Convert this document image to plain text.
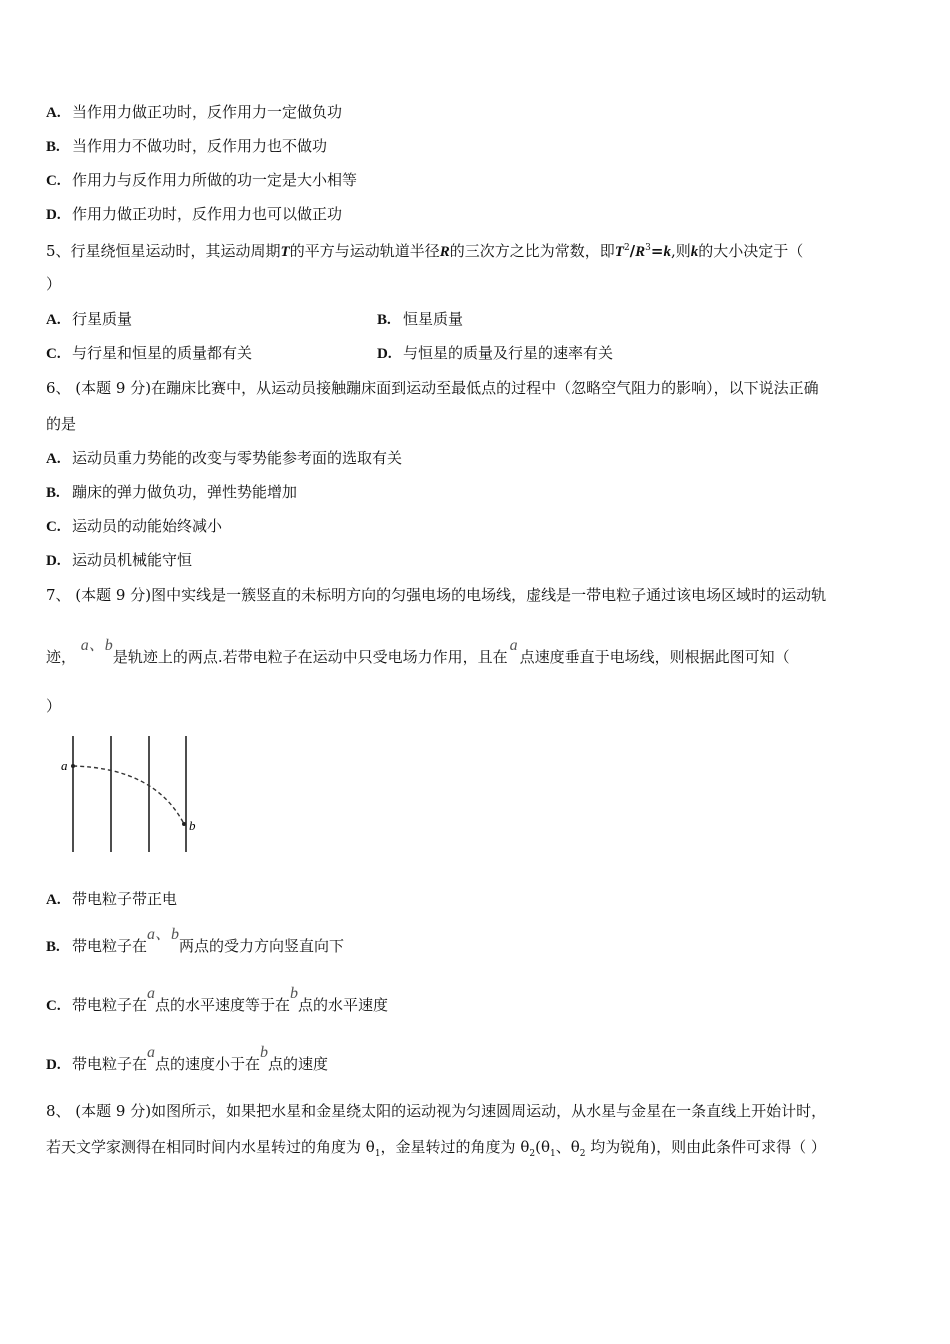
A. 当作用力做正功时，反作用力一定做负功
B. 当作用力不做功时，反作用力也不做功
C. 作用力与反作用力所做的功一定是大小相等
D. 作用力做正功时，反作用力也可以做正功
5、行星绕恒星运动时，其运动周期T的平方与运动轨道半径R的三次方之比为常数，即$T^2/R^3=k$,则k的大小决定于（
）
A. 行星质量	B. 恒星质量
C. 与行星和恒星的质量都有关	D. 与恒星的质量及行星的速率有关
6、 (本题 9 分)在蹦床比赛中，从运动员接触蹦床面到运动至最低点的过程中（忽略空气阻力的影响），以下说法正确
的是
A. 运动员重力势能的改变与零势能参考面的选取有关
B. 蹦床的弹力做负功，弹性势能增加
C. 运动员的动能始终减小
D. 运动员机械能守恒
7、 (本题 9 分)图中实线是一簇竖直的未标明方向的匀强电场的电场线，虚线是一带电粒子通过该电场区域时的运动轨
迹， a、b是轨迹上的两点.若带电粒子在运动中只受电场力作用，且在a点速度垂直于电场线，则根据此图可知（
）
a
b
A. 带电粒子带正电
B. 带电粒子在a、b两点的受力方向竖直向下
C. 带电粒子在a点的水平速度等于在b点的水平速度
D. 带电粒子在a点的速度小于在b点的速度
8、 (本题 9 分)如图所示，如果把水星和金星绕太阳的运动视为匀速圆周运动，从水星与金星在一条直线上开始计时，
若天文学家测得在相同时间内水星转过的角度为 $\theta_1$，金星转过的角度为 $\theta_2(\theta_1$、$\theta_2$ 均为锐角)，则由此条件可求得（ ）
